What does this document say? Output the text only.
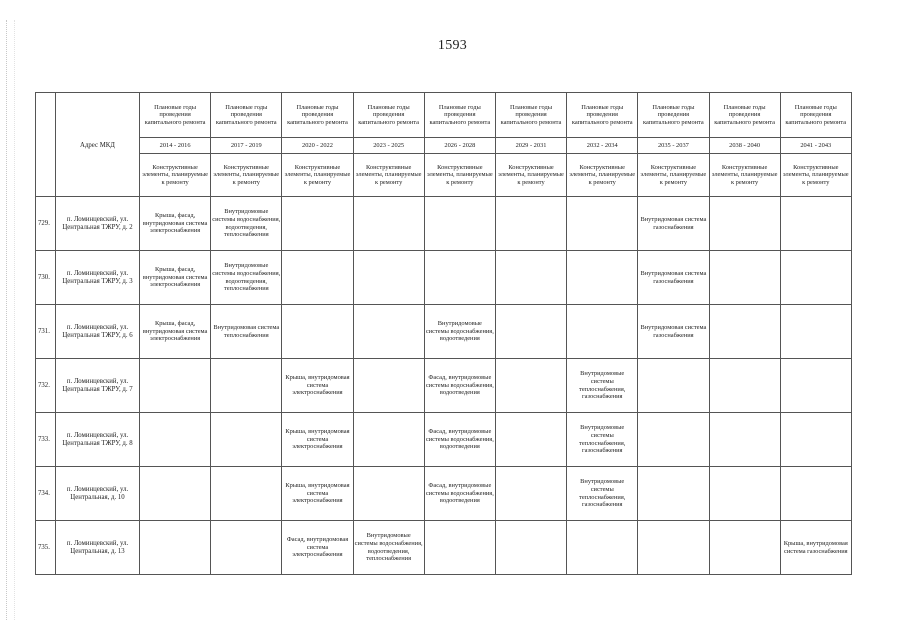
1593
		Плановые годы проведения капитального ремонта	Плановые годы проведения капитального ремонта	Плановые годы проведения капитального ремонта	Плановые годы проведения капитального ремонта	Плановые годы проведения капитального ремонта	Плановые годы проведения капитального ремонта	Плановые годы проведения капитального ремонта	Плановые годы проведения капитального ремонта	Плановые годы проведения капитального ремонта	Плановые годы проведения капитального ремонта
	Адрес МКД	2014 - 2016	2017 - 2019	2020 - 2022	2023 - 2025	2026 - 2028	2029 - 2031	2032 - 2034	2035 - 2037	2038 - 2040	2041 - 2043
		Конструктивные элементы, планируемые к ремонту	Конструктивные элементы, планируемые к ремонту	Конструктивные элементы, планируемые к ремонту	Конструктивные элементы, планируемые к ремонту	Конструктивные элементы, планируемые к ремонту	Конструктивные элементы, планируемые к ремонту	Конструктивные элементы, планируемые к ремонту	Конструктивные элементы, планируемые к ремонту	Конструктивные элементы, планируемые к ремонту	Конструктивные элементы, планируемые к ремонту
729.	п. Ломинцевский, ул. Центральная ТЖРУ, д. 2	Крыша, фасад, внутридомовая система электроснабжения	Внутридомовые системы водоснабжения, водоотведения, теплоснабжения						Внутридомовая система газоснабжения		
730.	п. Ломинцевский, ул. Центральная ТЖРУ, д. 3	Крыша, фасад, внутридомовая система электроснабжения	Внутридомовые системы водоснабжения, водоотведения, теплоснабжения						Внутридомовая система газоснабжения		
731.	п. Ломинцевский, ул. Центральная ТЖРУ, д. 6	Крыша, фасад, внутридомовая система электроснабжения	Внутридомовая система теплоснабжения			Внутридомовые системы водоснабжения, водоотведения			Внутридомовая система газоснабжения		
732.	п. Ломинцевский, ул. Центральная ТЖРУ, д. 7			Крыша, внутридомовая система электроснабжения		Фасад, внутридомовые системы водоснабжения, водоотведения		Внутридомовые системы теплоснабжения, газоснабжения			
733.	п. Ломинцевский, ул. Центральная ТЖРУ, д. 8			Крыша, внутридомовая система электроснабжения		Фасад, внутридомовые системы водоснабжения, водоотведения		Внутридомовые системы теплоснабжения, газоснабжения			
734.	п. Ломинцевский, ул. Центральная, д. 10			Крыша, внутридомовая система электроснабжения		Фасад, внутридомовые системы водоснабжения, водоотведения		Внутридомовые системы теплоснабжения, газоснабжения			
735.	п. Ломинцевский, ул. Центральная, д. 13			Фасад, внутридомовая система электроснабжения	Внутридомовые системы водоснабжения, водоотведения, теплоснабжения						Крыша, внутридомовая система газоснабжения
